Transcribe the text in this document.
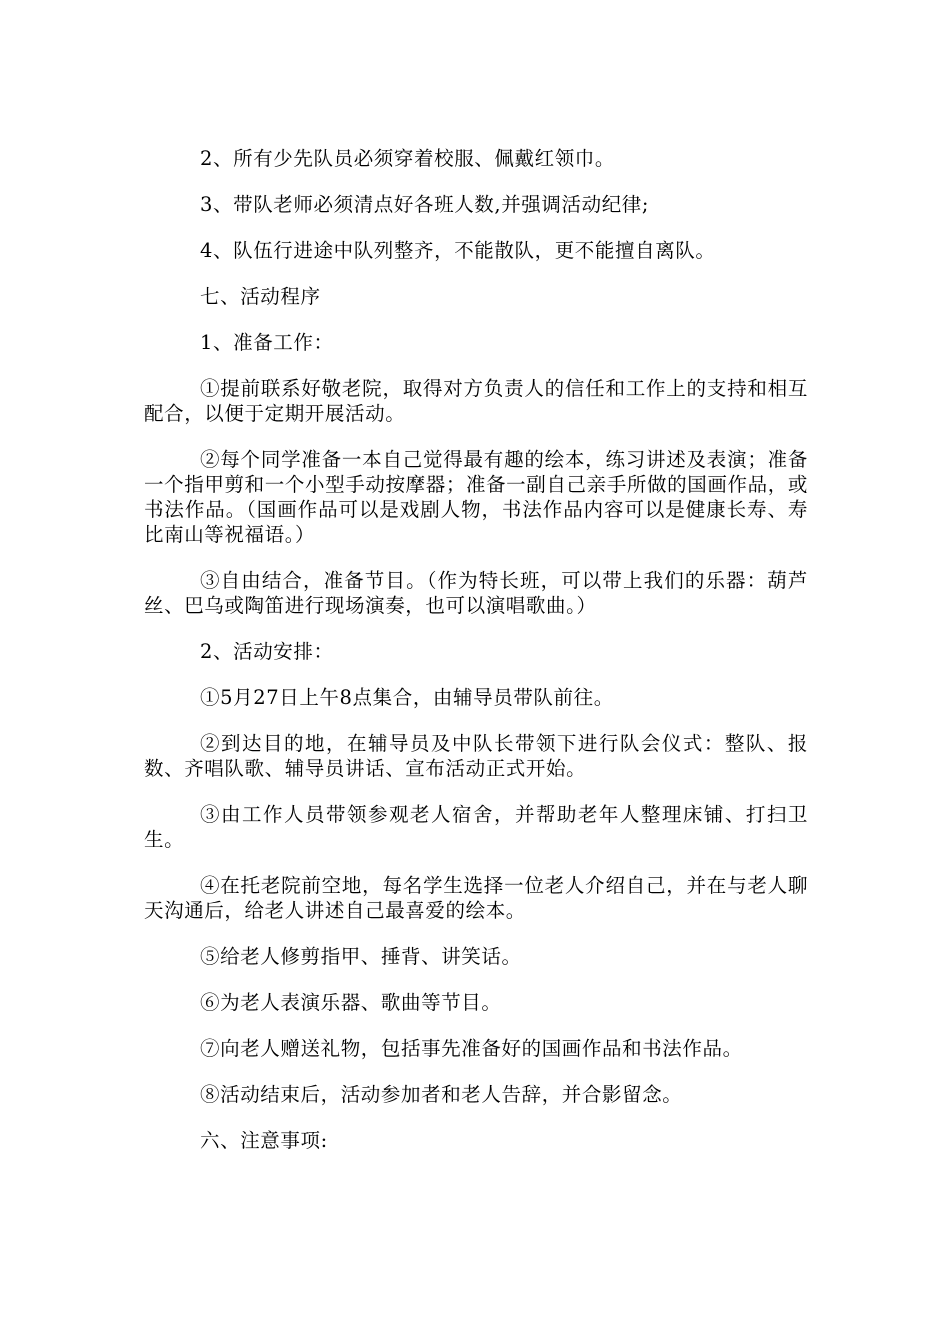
2、所有少先队员必须穿着校服、佩戴红领巾。

3、带队老师必须清点好各班人数,并强调活动纪律;

4、队伍行进途中队列整齐，不能散队，更不能擅自离队。

七、活动程序

1、准备工作：

①提前联系好敬老院，取得对方负责人的信任和工作上的支持和相互配合，以便于定期开展活动。

②每个同学准备一本自己觉得最有趣的绘本，练习讲述及表演；准备一个指甲剪和一个小型手动按摩器；准备一副自己亲手所做的国画作品，或书法作品。（国画作品可以是戏剧人物，书法作品内容可以是健康长寿、寿比南山等祝福语。）

③自由结合，准备节目。（作为特长班，可以带上我们的乐器：葫芦丝、巴乌或陶笛进行现场演奏，也可以演唱歌曲。）

2、活动安排：

①5月27日上午8点集合，由辅导员带队前往。

②到达目的地，在辅导员及中队长带领下进行队会仪式：整队、报数、齐唱队歌、辅导员讲话、宣布活动正式开始。

③由工作人员带领参观老人宿舍，并帮助老年人整理床铺、打扫卫生。

④在托老院前空地，每名学生选择一位老人介绍自己，并在与老人聊天沟通后，给老人讲述自己最喜爱的绘本。

⑤给老人修剪指甲、捶背、讲笑话。

⑥为老人表演乐器、歌曲等节目。

⑦向老人赠送礼物，包括事先准备好的国画作品和书法作品。

⑧活动结束后，活动参加者和老人告辞，并合影留念。

六、注意事项:
